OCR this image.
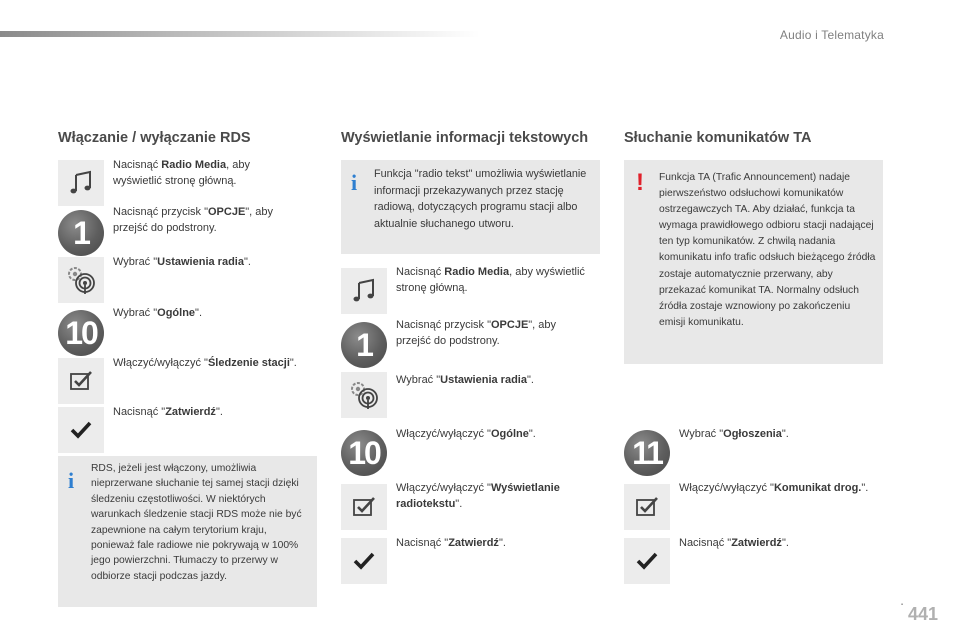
Audio i Telematyka
Włączanie / wyłączanie RDS
Nacisnąć Radio Media, aby wyświetlić stronę główną.
1
Nacisnąć przycisk "OPCJE", aby przejść do podstrony.
Wybrać "Ustawienia radia".
10
Wybrać "Ogólne".
Włączyć/wyłączyć "Śledzenie stacji".
Nacisnąć "Zatwierdź".
i RDS, jeżeli jest włączony, umożliwia nieprzerwane słuchanie tej samej stacji dzięki śledzeniu częstotliwości. W niektórych warunkach śledzenie stacji RDS może nie być zapewnione na całym terytorium kraju, ponieważ fale radiowe nie pokrywają w 100% jego powierzchni. Tłumaczy to przerwy w odbiorze stacji podczas jazdy.
Wyświetlanie informacji tekstowych
i Funkcja "radio tekst" umożliwia wyświetlanie informacji przekazywanych przez stację radiową, dotyczących programu stacji albo aktualnie słuchanego utworu.
Nacisnąć Radio Media, aby wyświetlić stronę główną.
1
Nacisnąć przycisk "OPCJE", aby przejść do podstrony.
Wybrać "Ustawienia radia".
10
Włączyć/wyłączyć "Ogólne".
Włączyć/wyłączyć "Wyświetlanie radiotekstu".
Nacisnąć "Zatwierdź".
Słuchanie komunikatów TA
! Funkcja TA (Trafic Announcement) nadaje pierwszeństwo odsłuchowi komunikatów ostrzegawczych TA. Aby działać, funkcja ta wymaga prawidłowego odbioru stacji nadającej ten typ komunikatów. Z chwilą nadania komunikatu info trafic odsłuch bieżącego źródła zostaje automatycznie przerwany, aby przekazać komunikat TA. Normalny odsłuch źródła zostaje wznowiony po zakończeniu emisji komunikatu.
11
Wybrać "Ogłoszenia".
Włączyć/wyłączyć "Komunikat drog.".
Nacisnąć "Zatwierdź".
.
441
